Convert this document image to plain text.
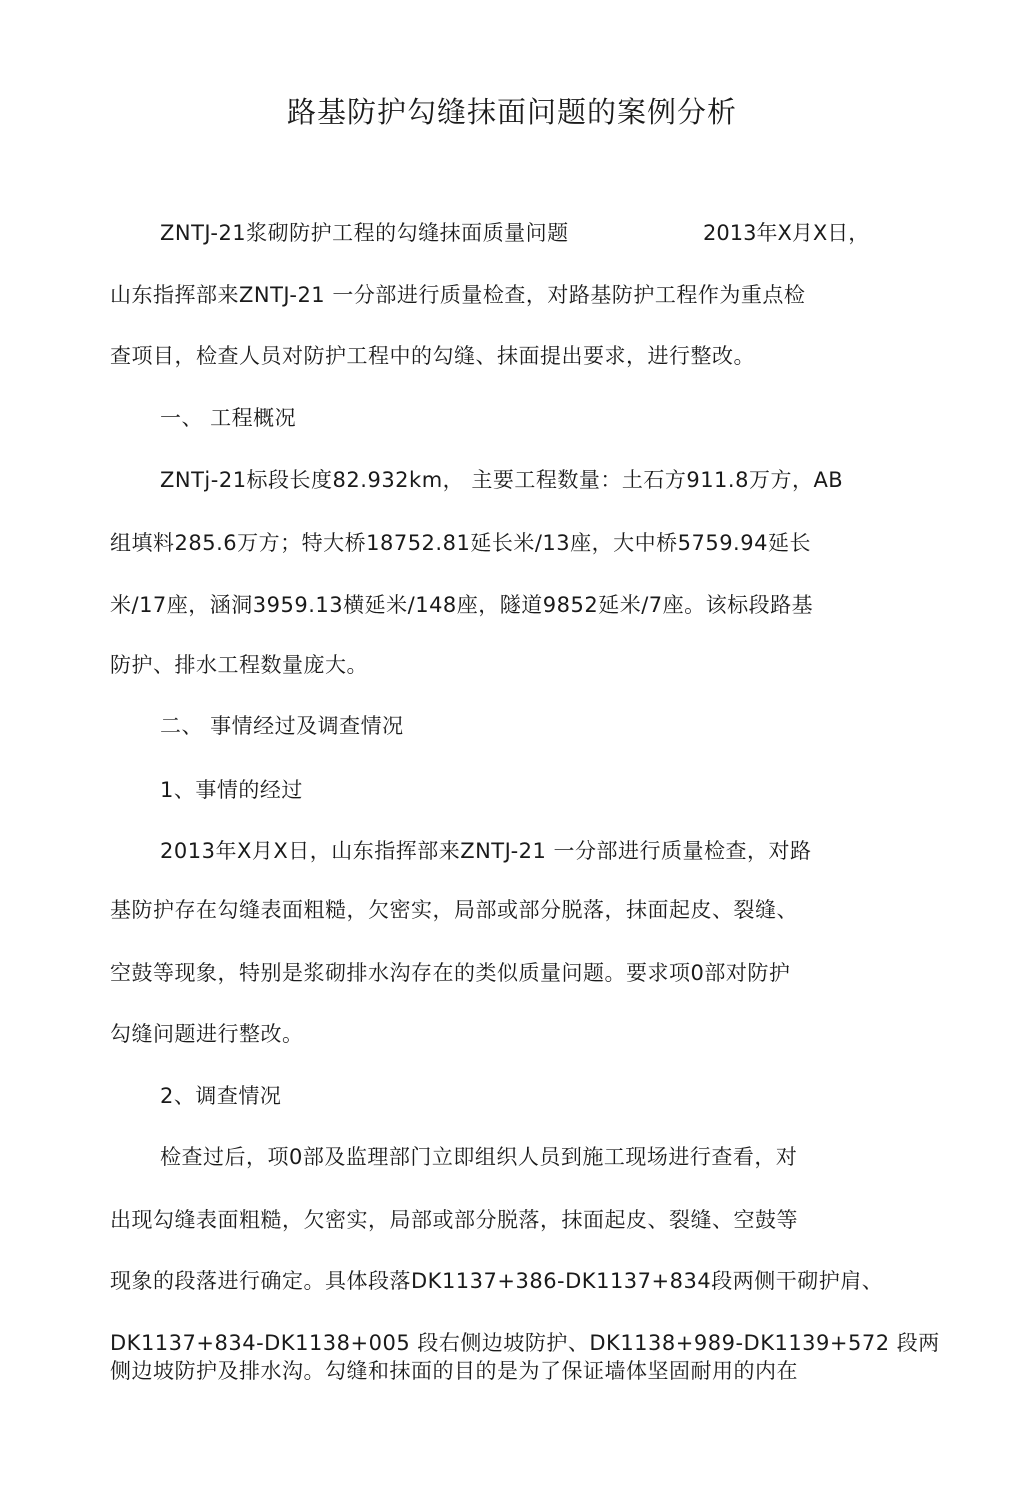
路基防护勾缝抹面问题的案例分析
ZNTJ-21浆砌防护工程的勾缝抹面质量问题	2013年X月X日，
山东指挥部来ZNTJ-21 一分部进行质量检查，对路基防护工程作为重点检
查项目，检查人员对防护工程中的勾缝、抹面提出要求，进行整改。
一、 工程概况
ZNTj-21标段长度82.932km， 主要工程数量：土石方911.8万方，AB
组填料285.6万方；特大桥18752.81延长米/13座，大中桥5759.94延长
米/17座，涵洞3959.13横延米/148座，隧道9852延米/7座。该标段路基
防护、排水工程数量庞大。
二、 事情经过及调查情况
1、事情的经过
2013年X月X日，山东指挥部来ZNTJ-21 一分部进行质量检查，对路
基防护存在勾缝表面粗糙，欠密实，局部或部分脱落，抹面起皮、裂缝、
空鼓等现象，特别是浆砌排水沟存在的类似质量问题。要求项0部对防护
勾缝问题进行整改。
2、调查情况
检查过后，项0部及监理部门立即组织人员到施工现场进行查看，对
出现勾缝表面粗糙，欠密实，局部或部分脱落，抹面起皮、裂缝、空鼓等
现象的段落进行确定。具体段落DK1137+386-DK1137+834段两侧干砌护肩、
DK1137+834-DK1138+005 段右侧边坡防护、DK1138+989-DK1139+572 段两
侧边坡防护及排水沟。勾缝和抹面的目的是为了保证墙体坚固耐用的内在
